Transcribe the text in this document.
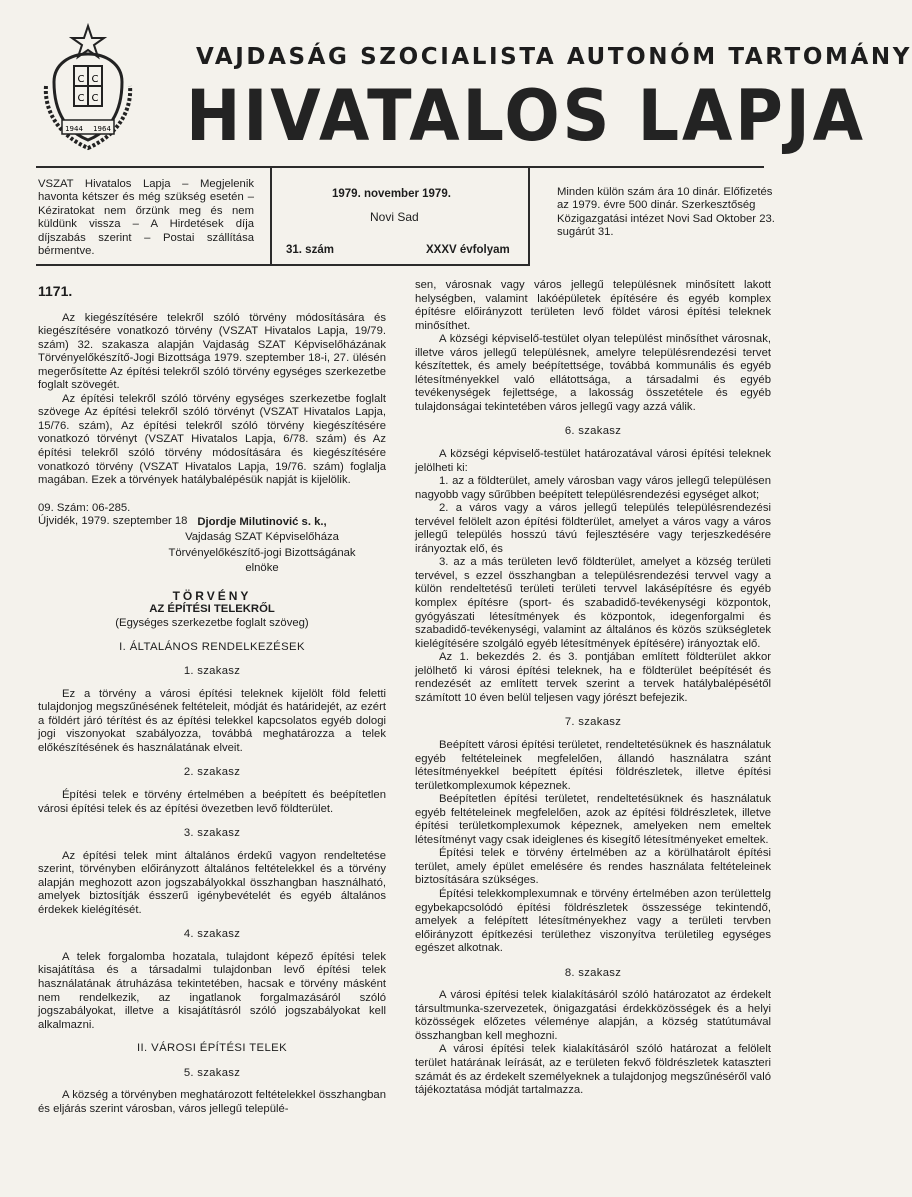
C C
C C
1944 1964
VAJDASÁG SZOCIALISTA AUTONÓM TARTOMÁNY
HIVATALOS LAPJA
VSZAT Hivatalos Lapja – Megjelenik havonta kétszer és még szükség esetén – Kéziratokat nem őrzünk meg és nem küldünk vissza – A Hirdetések díja díjszabás szerint – Postai szállítása bérmentve.
1979. november 1979.
Novi Sad
31. szám	XXXV évfolyam
Minden külön szám ára 10 dinár. Előfizetés az 1979. évre 500 dinár. Szerkesztőség Közigazgatási intézet Novi Sad Oktober 23. sugárút 31.

1171.

Az kiegészítésére telekről szóló törvény módosítására és kiegészítésére vonatkozó törvény (VSZAT Hivatalos Lapja, 19/79. szám) 32. szakasza alapján Vajdaság SZAT Képviselőházának Törvényelőkészítő-Jogi Bizottsága 1979. szeptember 18-i, 27. ülésén megerősítette Az építési telekről szóló törvény egységes szerkezetbe foglalt szövegét.

Az építési telekről szóló törvény egységes szerkezetbe foglalt szövege Az építési telekről szóló törvényt (VSZAT Hivatalos Lapja, 15/76. szám), Az építési telekről szóló törvény kiegészítésére vonatkozó törvényt (VSZAT Hivatalos Lapja, 6/78. szám) és Az építési telekről szóló törvény módosítására és kiegészítésére vonatkozó törvény (VSZAT Hivatalos Lapja, 19/76. szám) foglalja magában. Ezek a törvények hatálybalépésük napját is kijelölik.

09. Szám: 06-285.

Újvidék, 1979. szeptember 18 Djordje Milutinović s. k.,

Vajdaság SZAT Képviselőháza

Törvényelőkészítő-jogi Bizottságának

elnöke

TÖRVÉNY

AZ ÉPÍTÉSI TELEKRŐL

(Egységes szerkezetbe foglalt szöveg)

I. ÁLTALÁNOS RENDELKEZÉSEK

1. szakasz

Ez a törvény a városi építési teleknek kijelölt föld feletti tulajdonjog megszűnésének feltételeit, módját és határidejét, az ezért a földért járó térítést és az építési telekkel kapcsolatos egyéb dologi jogi viszonyokat szabályozza, továbbá meghatározza a telek előkészítésének és használatának elveit.

2. szakasz

Építési telek e törvény értelmében a beépített és beépítetlen városi építési telek és az építési övezetben levő földterület.

3. szakasz

Az építési telek mint általános érdekű vagyon rendeltetése szerint, törvényben előirányzott általános feltételekkel és a törvény alapján meghozott azon jogszabályokkal összhangban használható, amelyek biztosítják ésszerű igénybevételét és egyéb általános érdekek kielégítését.

4. szakasz

A telek forgalomba hozatala, tulajdont képező építési telek kisajátítása és a társadalmi tulajdonban levő építési telek használatának átruházása tekintetében, hacsak e törvény másként nem rendelkezik, az ingatlanok forgalmazásáról szóló jogszabályokat, illetve a kisajátításról szóló jogszabályokat kell alkalmazni.

II. VÁROSI ÉPÍTÉSI TELEK

5. szakasz

A község a törvényben meghatározott feltételekkel összhangban és eljárás szerint városban, város jellegű települé-

sen, városnak vagy város jellegű településnek minősített lakott helységben, valamint lakóépületek építésére és egyéb komplex építésre előirányzott területen levő földet városi építési teleknek minősíthet.

A községi képviselő-testület olyan települést minősíthet városnak, illetve város jellegű településnek, amelyre településrendezési tervet készítettek, és amely beépítettsége, továbbá kommunális és egyéb létesítményekkel való ellátottsága, a társadalmi és egyéb tevékenységek fejlettsége, a lakosság összetétele és egyéb tulajdonságai tekintetében város jellegű vagy azzá válik.

6. szakasz

A községi képviselő-testület határozatával városi építési teleknek jelölheti ki:

1. az a földterület, amely városban vagy város jellegű településen nagyobb vagy sűrűbben beépített településrendezési egységet alkot;

2. a város vagy a város jellegű település településrendezési tervével felölelt azon építési földterület, amelyet a város vagy a város jellegű település hosszú távú fejlesztésére vagy terjeszkedésére irányoztak elő, és

3. az a más területen levő földterület, amelyet a község területi tervével, s ezzel összhangban a településrendezési tervvel vagy a külön rendeltetésű területi területi tervvel lakásépítésre és egyéb komplex építésre (sport- és szabadidő-tevékenységi központok, gyógyászati létesítmények és központok, idegenforgalmi és szabadidő-tevékenységi, valamint az általános és közös szükségletek kielégítésére szolgáló egyéb létesítmények építésére) irányoztak elő.

Az 1. bekezdés 2. és 3. pontjában említett földterület akkor jelölhető ki városi építési teleknek, ha e földterület beépítését és rendezését az említett tervek szerint a tervek hatálybalépésétől számított 10 éven belül teljesen vagy jórészt befejezik.

7. szakasz

Beépített városi építési területet, rendeltetésüknek és használatuk egyéb feltételeinek megfelelően, állandó használatra szánt létesítményekkel beépített építési földrészletek, illetve építési területkomplexumok képeznek.

Beépítetlen építési területet, rendeltetésüknek és használatuk egyéb feltételeinek megfelelően, azok az építési földrészletek, illetve építési területkomplexumok képeznek, amelyeken nem emeltek létesítményt vagy csak ideiglenes és kisegítő létesítményeket emeltek.

Építési telek e törvény értelmében az a körülhatárolt építési terület, amely épület emelésére és rendes használata feltételeinek biztosítására szükséges.

Építési telekkomplexumnak e törvény értelmében azon területtelg egybekapcsolódó építési földrészletek összessége tekintendő, amelyek a felépített létesítményekhez vagy a területi tervben előirányzott építkezési területhez viszonyítva területileg egységes egészet alkotnak.

8. szakasz

A városi építési telek kialakításáról szóló határozatot az érdekelt társultmunka-szervezetek, önigazgatási érdekközösségek és a helyi közösségek előzetes véleménye alapján, a község statútumával összhangban kell meghozni.

A városi építési telek kialakításáról szóló határozat a felölelt terület határának leírását, az e területen fekvő földrészletek kataszteri számát és az érdekelt személyeknek a tulajdonjog megszűnéséről való tájékoztatása módját tartalmazza.
